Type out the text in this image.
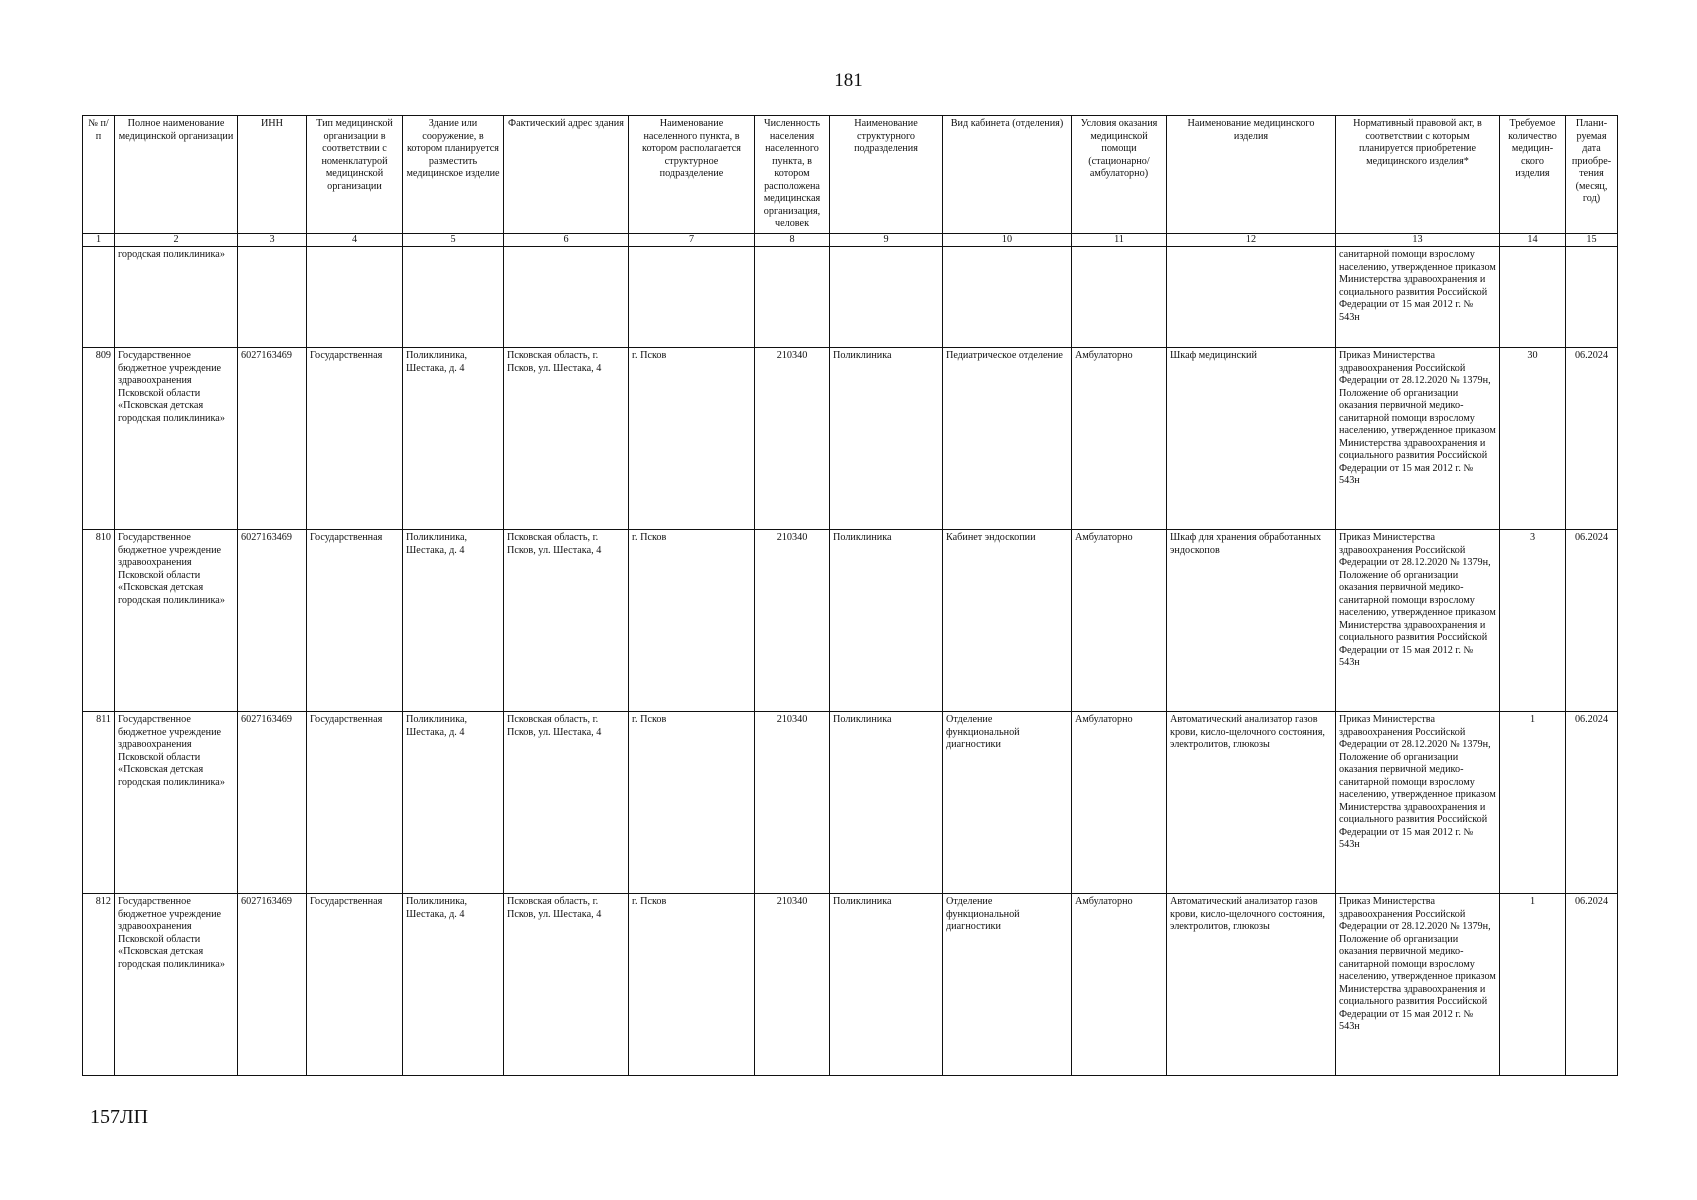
181
№ п/п	Полное наименование медицинской организации	ИНН	Тип медицинской организации в соответствии с номенклатурой медицинской организации	Здание или сооружение, в котором планируется разместить медицинское изделие	Фактический адрес здания	Наименование населенного пункта, в котором располагается структурное подразделение	Численность населения населенного пункта, в котором расположена медицинская организация, человек	Наименование структурного подразделения	Вид кабинета (отделения)	Условия оказания медицинской помощи (стационарно/ амбулаторно)	Наименование медицинского изделия	Нормативный правовой акт, в соответствии с которым планируется приобретение медицинского изделия*	Требуемое количество медицин-ского изделия	Плани-руемая дата приобре-тения (месяц, год)
1	2	3	4	5	6	7	8	9	10	11	12	13	14	15
	городская поликлиника»											санитарной помощи взрослому населению, утвержденное приказом Министерства здравоохранения и социального развития Российской Федерации от 15 мая 2012 г. № 543н		
809	Государственное бюджетное учреждение здравоохранения Псковской области «Псковская детская городская поликлиника»	6027163469	Государственная	Поликлиника, Шестака, д. 4	Псковская область, г. Псков, ул. Шестака, 4	г. Псков	210340	Поликлиника	Педиатрическое отделение	Амбулаторно	Шкаф медицинский	Приказ Министерства здравоохранения Российской Федерации от 28.12.2020 № 1379н, Положение об организации оказания первичной медико-санитарной помощи взрослому населению, утвержденное приказом Министерства здравоохранения и социального развития Российской Федерации от 15 мая 2012 г. № 543н	30	06.2024
810	Государственное бюджетное учреждение здравоохранения Псковской области «Псковская детская городская поликлиника»	6027163469	Государственная	Поликлиника, Шестака, д. 4	Псковская область, г. Псков, ул. Шестака, 4	г. Псков	210340	Поликлиника	Кабинет эндоскопии	Амбулаторно	Шкаф для хранения обработанных эндоскопов	Приказ Министерства здравоохранения Российской Федерации от 28.12.2020 № 1379н, Положение об организации оказания первичной медико-санитарной помощи взрослому населению, утвержденное приказом Министерства здравоохранения и социального развития Российской Федерации от 15 мая 2012 г. № 543н	3	06.2024
811	Государственное бюджетное учреждение здравоохранения Псковской области «Псковская детская городская поликлиника»	6027163469	Государственная	Поликлиника, Шестака, д. 4	Псковская область, г. Псков, ул. Шестака, 4	г. Псков	210340	Поликлиника	Отделение функциональной диагностики	Амбулаторно	Автоматический анализатор газов крови, кисло-щелочного состояния, электролитов, глюкозы	Приказ Министерства здравоохранения Российской Федерации от 28.12.2020 № 1379н, Положение об организации оказания первичной медико-санитарной помощи взрослому населению, утвержденное приказом Министерства здравоохранения и социального развития Российской Федерации от 15 мая 2012 г. № 543н	1	06.2024
812	Государственное бюджетное учреждение здравоохранения Псковской области «Псковская детская городская поликлиника»	6027163469	Государственная	Поликлиника, Шестака, д. 4	Псковская область, г. Псков, ул. Шестака, 4	г. Псков	210340	Поликлиника	Отделение функциональной диагностики	Амбулаторно	Автоматический анализатор газов крови, кисло-щелочного состояния, электролитов, глюкозы	Приказ Министерства здравоохранения Российской Федерации от 28.12.2020 № 1379н, Положение об организации оказания первичной медико-санитарной помощи взрослому населению, утвержденное приказом Министерства здравоохранения и социального развития Российской Федерации от 15 мая 2012 г. № 543н	1	06.2024
157ЛП
